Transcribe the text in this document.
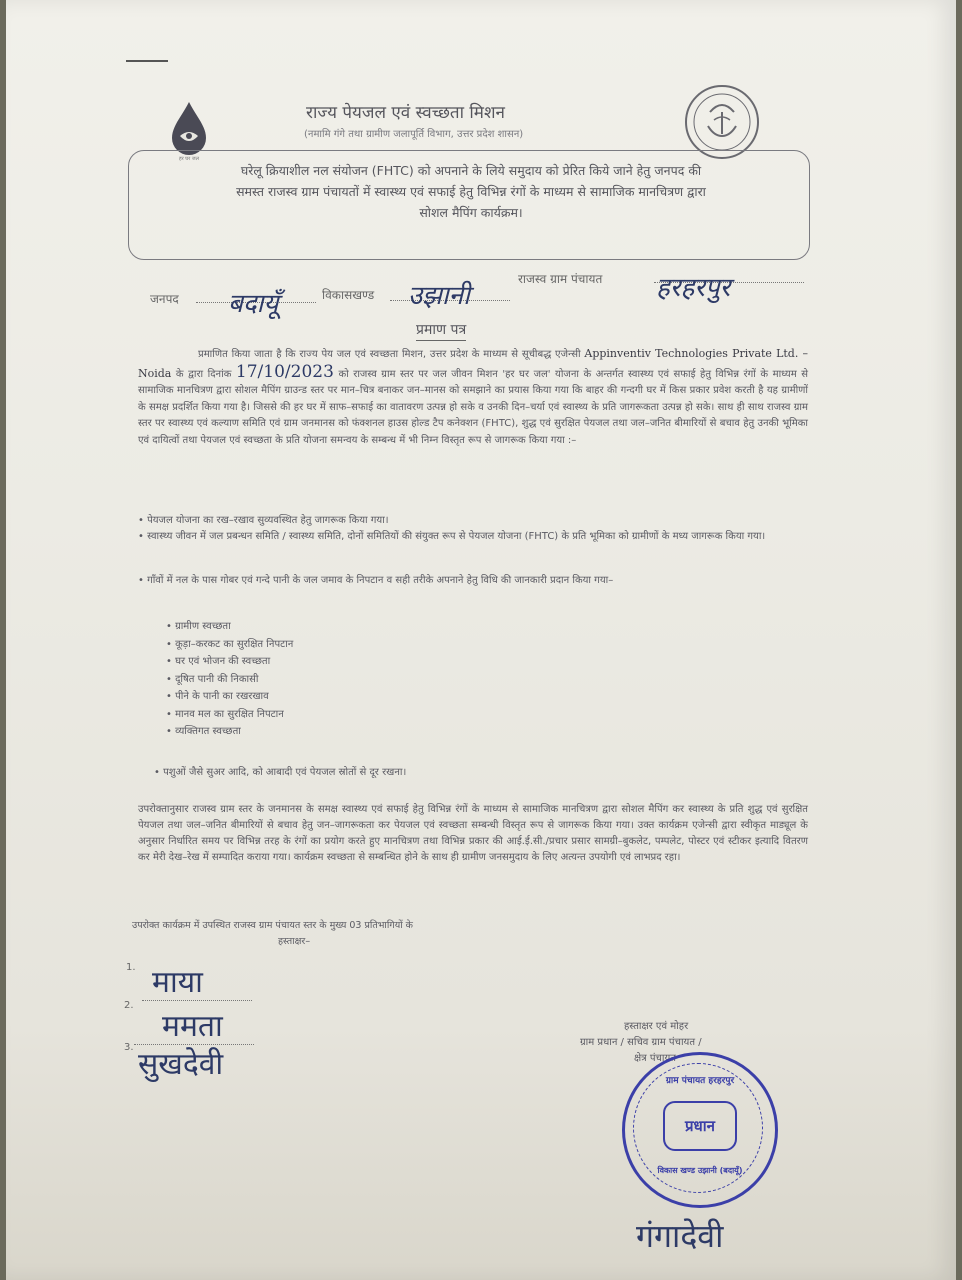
हर घर जल
राज्य पेयजल एवं स्वच्छता मिशन
(नमामि गंगे तथा ग्रामीण जलापूर्ति विभाग, उत्तर प्रदेश शासन)
घरेलू क्रियाशील नल संयोजन (FHTC) को अपनाने के लिये समुदाय को प्रेरित किये जाने हेतु जनपद की
समस्त राजस्व ग्राम पंचायतों में स्वास्थ्य एवं सफाई हेतु विभिन्न रंगों के माध्यम से सामाजिक मानचित्रण द्वारा
सोशल मैपिंग कार्यक्रम।
जनपद बदायूँ	विकासखण्ड उझानी
राजस्व ग्राम पंचायत हरहरपुर
प्रमाण पत्र
प्रमाणित किया जाता है कि राज्य पेय जल एवं स्वच्छता मिशन, उत्तर प्रदेश के माध्यम से सूचीबद्ध एजेन्सी Appinventiv Technologies Private Ltd. – Noida के द्वारा दिनांक 17/10/2023 को राजस्व ग्राम स्तर पर जल जीवन मिशन 'हर घर जल' योजना के अन्तर्गत स्वास्थ्य एवं सफाई हेतु विभिन्न रंगों के माध्यम से सामाजिक मानचित्रण द्वारा सोशल मैपिंग ग्राउन्ड स्तर पर मान–चित्र बनाकर जन–मानस को समझाने का प्रयास किया गया कि बाहर की गन्दगी घर में किस प्रकार प्रवेश करती है यह ग्रामीणों के समक्ष प्रदर्शित किया गया है। जिससे की हर घर में साफ–सफाई का वातावरण उत्पन्न हो सके व उनकी दिन–चर्या एवं स्वास्थ्य के प्रति जागरूकता उत्पन्न हो सके। साथ ही साथ राजस्व ग्राम स्तर पर स्वास्थ्य एवं कल्याण समिति एवं ग्राम जनमानस को फंक्शनल हाउस होल्ड टैप कनेक्शन (FHTC), शुद्ध एवं सुरक्षित पेयजल तथा जल–जनित बीमारियों से बचाव हेतु उनकी भूमिका एवं दायित्वों तथा पेयजल एवं स्वच्छता के प्रति योजना समन्वय के सम्बन्ध में भी निम्न विस्तृत रूप से जागरूक किया गया :–
• पेयजल योजना का रख–रखाव सुव्यवस्थित हेतु जागरूक किया गया।
• स्वास्थ्य जीवन में जल प्रबन्धन समिति / स्वास्थ्य समिति, दोनों समितियों की संयुक्त रूप से पेयजल योजना (FHTC) के प्रति भूमिका को ग्रामीणों के मध्य जागरूक किया गया।
• गाँवों में नल के पास गोबर एवं गन्दे पानी के जल जमाव के निपटान व सही तरीके अपनाने हेतु विधि की जानकारी प्रदान किया गया–
• ग्रामीण स्वच्छता
• कूड़ा–करकट का सुरक्षित निपटान
• घर एवं भोजन की स्वच्छता
• दूषित पानी की निकासी
• पीने के पानी का रखरखाव
• मानव मल का सुरक्षित निपटान
• व्यक्तिगत स्वच्छता
• पशुओं जैसे सुअर आदि, को आबादी एवं पेयजल स्रोतों से दूर रखना।
उपरोक्तानुसार राजस्व ग्राम स्तर के जनमानस के समक्ष स्वास्थ्य एवं सफाई हेतु विभिन्न रंगों के माध्यम से सामाजिक मानचित्रण द्वारा सोशल मैपिंग कर स्वास्थ्य के प्रति शुद्ध एवं सुरक्षित पेयजल तथा जल–जनित बीमारियों से बचाव हेतु जन–जागरूकता कर पेयजल एवं स्वच्छता सम्बन्धी विस्तृत रूप से जागरूक किया गया। उक्त कार्यक्रम एजेन्सी द्वारा स्वीकृत माड्यूल के अनुसार निर्धारित समय पर विभिन्न तरह के रंगों का प्रयोग करते हुए मानचित्रण तथा विभिन्न प्रकार की आई.ई.सी./प्रचार प्रसार सामग्री–बुकलेट, पम्पलेट, पोस्टर एवं स्टीकर इत्यादि वितरण कर मेरी देख–रेख में सम्पादित कराया गया। कार्यक्रम स्वच्छता से सम्बन्धित होने के साथ ही ग्रामीण जनसमुदाय के लिए अत्यन्त उपयोगी एवं लाभप्रद रहा।
उपरोक्त कार्यक्रम में उपस्थित राजस्व ग्राम पंचायत स्तर के मुख्य 03 प्रतिभागियों के
हस्ताक्षर–
1. माया
2.
ममता
3. सुखदेवी
हस्ताक्षर एवं मोहर
ग्राम प्रधान / सचिव ग्राम पंचायत /
क्षेत्र पंचायत
ग्राम पंचायत हरहरपुर
प्रधान
विकास खण्ड उझानी (बदायूँ)
गंगादेवी
